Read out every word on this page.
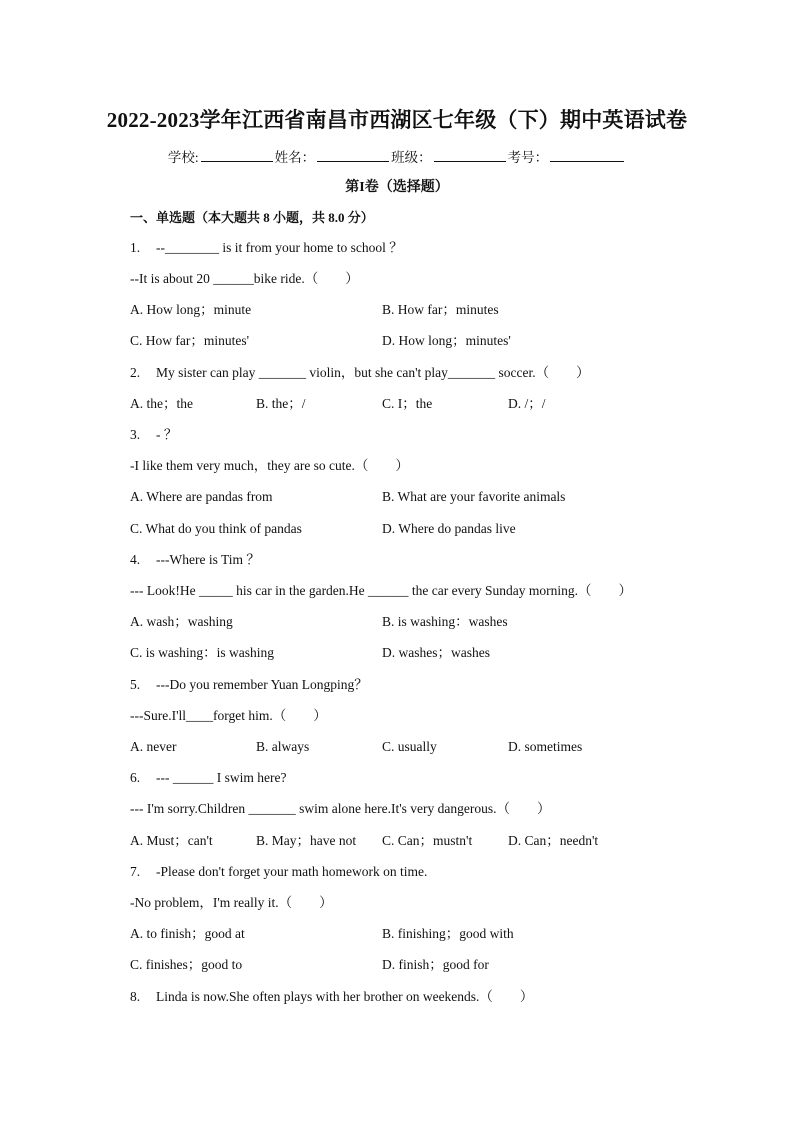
2022-2023学年江西省南昌市西湖区七年级（下）期中英语试卷
学校:	姓名：	班级：	考号：
第I卷（选择题）
一、单选题（本大题共 8 小题，共 8.0 分）
1. --________ is it from your home to school ？
--It is about 20 ______bike ride.（　　）
A. How long；minute	B. How far；minutes
C. How far；minutes'	D. How long；minutes'
2. My sister can play _______ violin，but she can't play_______ soccer.（　　）
A. the；the	B. the；/	C. I；the	D. /；/
3. - ？
-I like them very much，they are so cute.（　　）
A. Where are pandas from	B. What are your favorite animals
C. What do you think of pandas	D. Where do pandas live
4. ---Where is Tim ？
--- Look!He _____ his car in the garden.He ______ the car every Sunday morning.（　　）
A. wash；washing	B. is washing：washes
C. is washing：is washing	D. washes；washes
5. ---Do you remember Yuan Longping？
---Sure.I'll____forget him.（　　）
A. never	B. always	C. usually	D. sometimes
6. --- ______ I swim here?
--- I'm sorry.Children _______ swim alone here.It's very dangerous.（　　）
A. Must；can't	B. May；have not C. Can；mustn't	D. Can；needn't
7. -Please don't forget your math homework on time.
-No problem，I'm really it.（　　）
A. to finish；good at	B. finishing；good with
C. finishes；good to	D. finish；good for
8. Linda is now.She often plays with her brother on weekends.（　　）
